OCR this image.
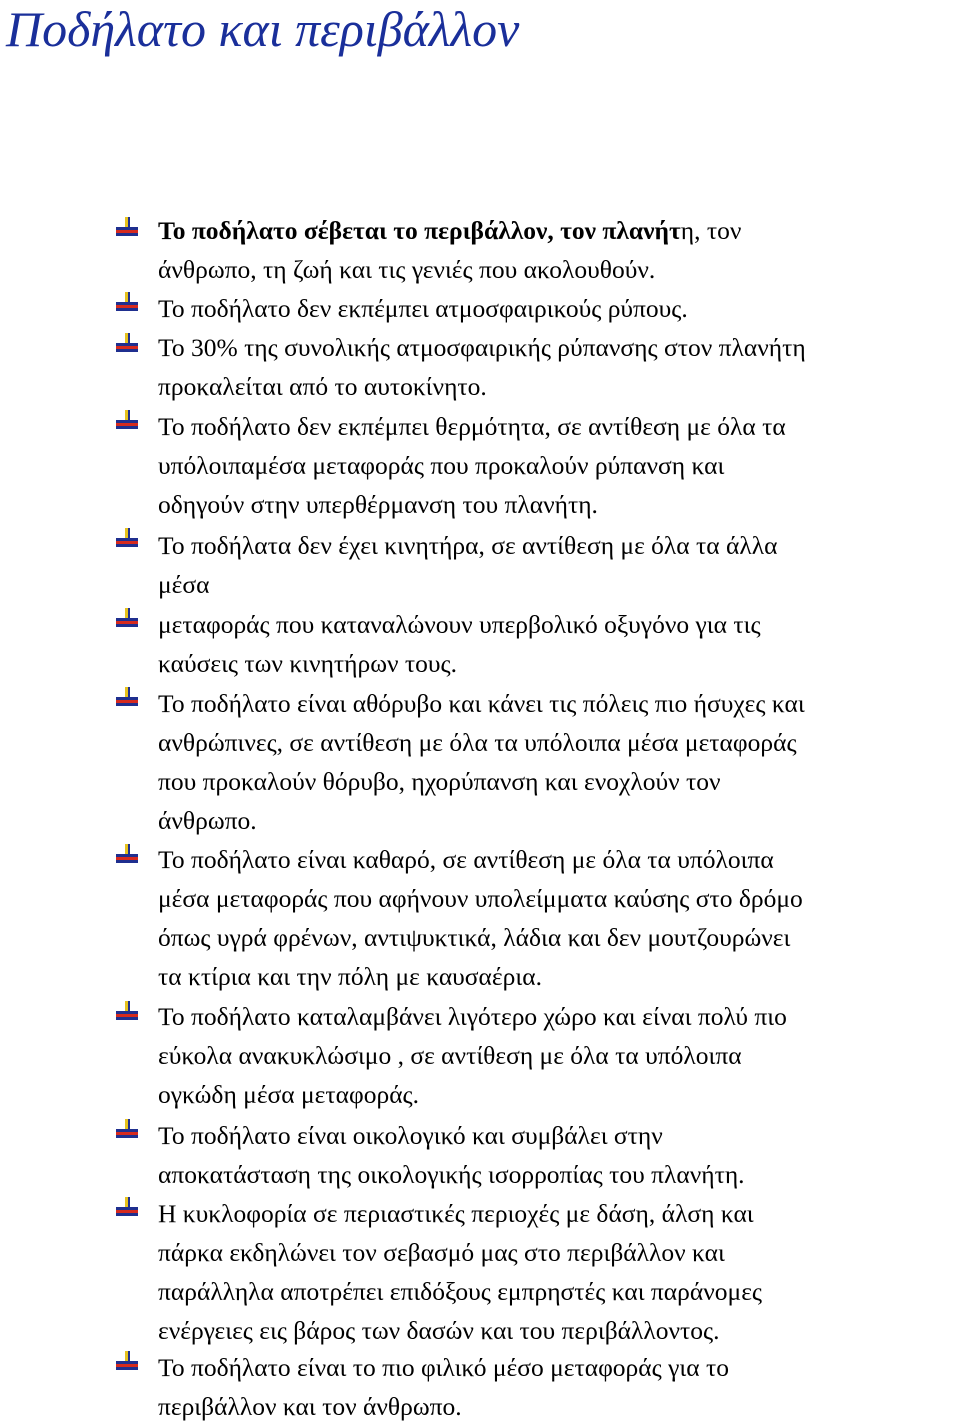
Ποδήλατο και περιβάλλον
Το ποδήλατο σέβεται το περιβάλλον, τον πλανήτη, τον
άνθρωπο, τη ζωή και τις γενιές που ακολουθούν.
Το ποδήλατο δεν εκπέμπει ατμοσφαιρικούς ρύπους.
Το 30% της συνολικής ατμοσφαιρικής ρύπανσης στον πλανήτη
προκαλείται από το αυτοκίνητο.
Το ποδήλατο δεν εκπέμπει θερμότητα, σε αντίθεση με όλα τα
υπόλοιπαμέσα μεταφοράς που προκαλούν ρύπανση και
οδηγούν στην υπερθέρμανση του πλανήτη.
Το ποδήλατα δεν έχει κινητήρα, σε αντίθεση με όλα τα άλλα
μέσα
μεταφοράς που καταναλώνουν υπερβολικό οξυγόνο για τις
καύσεις των κινητήρων τους.
Το ποδήλατο είναι αθόρυβο και κάνει τις πόλεις πιο ήσυχες και
ανθρώπινες, σε αντίθεση με όλα τα υπόλοιπα μέσα μεταφοράς
που προκαλούν θόρυβο, ηχορύπανση και ενοχλούν τον
άνθρωπο.
Το ποδήλατο είναι καθαρό, σε αντίθεση με όλα τα υπόλοιπα
μέσα μεταφοράς που αφήνουν υπολείμματα καύσης στο δρόμο
όπως υγρά φρένων, αντιψυκτικά, λάδια και δεν μουτζουρώνει
τα κτίρια και την πόλη με καυσαέρια.
Το ποδήλατο καταλαμβάνει λιγότερο χώρο και είναι πολύ πιο
εύκολα ανακυκλώσιμο , σε αντίθεση με όλα τα υπόλοιπα
ογκώδη μέσα μεταφοράς.
Το ποδήλατο είναι οικολογικό και συμβάλει στην
αποκατάσταση της οικολογικής ισορροπίας του πλανήτη.
Η κυκλοφορία σε περιαστικές περιοχές με δάση, άλση και
πάρκα εκδηλώνει τον σεβασμό μας στο περιβάλλον και
παράλληλα αποτρέπει επιδόξους εμπρηστές και παράνομες
ενέργειες εις βάρος των δασών και του περιβάλλοντος.
Το ποδήλατο είναι το πιο φιλικό μέσο μεταφοράς για το
περιβάλλον και τον άνθρωπο.
